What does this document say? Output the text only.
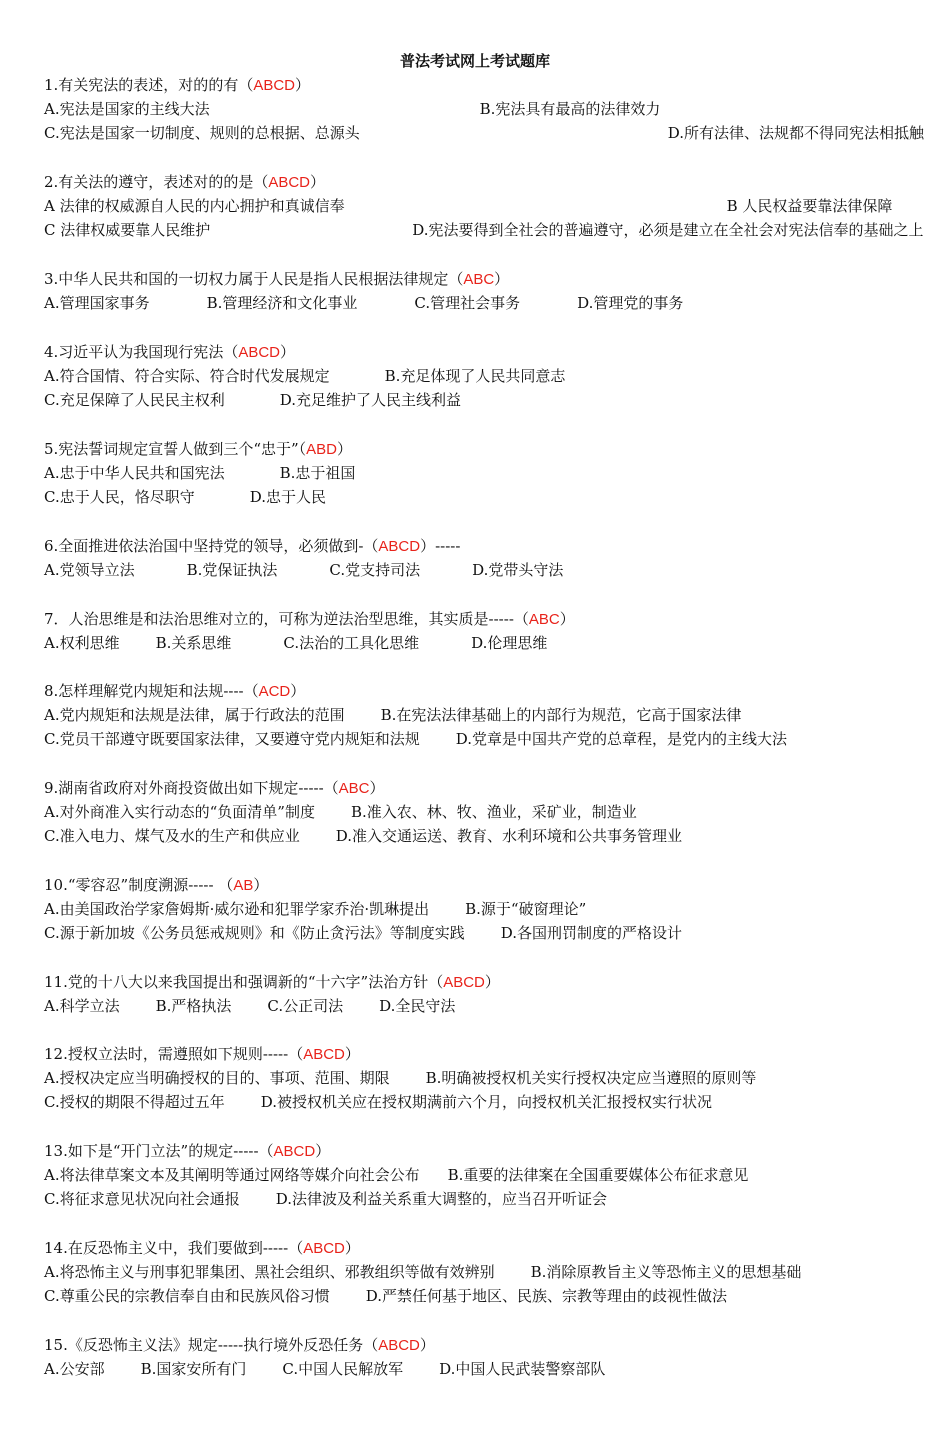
普法考试网上考试题库
1.有关宪法的表述，对的的有（ABCD）
A.宪法是国家的主线大法	B.宪法具有最高的法律效力
C.宪法是国家一切制度、规则的总根据、总源头	D.所有法律、法规都不得同宪法相抵触
2.有关法的遵守，表述对的的是（ABCD）
A 法律的权威源自人民的内心拥护和真诚信奉	B 人民权益要靠法律保障
C 法律权威要靠人民维护	D.宪法要得到全社会的普遍遵守，必须是建立在全社会对宪法信奉的基础之上
3.中华人民共和国的一切权力属于人民是指人民根据法律规定（ABC）
A.管理国家事务	B.管理经济和文化事业	C.管理社会事务	D.管理党的事务
4.习近平认为我国现行宪法（ABCD）
A.符合国情、符合实际、符合时代发展规定	B.充足体现了人民共同意志
C.充足保障了人民民主权利	D.充足维护了人民主线利益
5.宪法誓词规定宣誓人做到三个“忠于”（ABD）
A.忠于中华人民共和国宪法	B.忠于祖国
C.忠于人民，恪尽职守	D.忠于人民
6.全面推进依法治国中坚持党的领导，必须做到-（ABCD）-----
A.党领导立法	B.党保证执法	C.党支持司法	D.党带头守法
7．人治思维是和法治思维对立的，可称为逆法治型思维，其实质是-----（ABC）
A.权利思维 B.关系思维	C.法治的工具化思维	D.伦理思维
8.怎样理解党内规矩和法规----（ACD）
A.党内规矩和法规是法律，属于行政法的范围 B.在宪法法律基础上的内部行为规范，它高于国家法律
C.党员干部遵守既要国家法律，又要遵守党内规矩和法规 D.党章是中国共产党的总章程，是党内的主线大法
9.湖南省政府对外商投资做出如下规定-----（ABC）
A.对外商准入实行动态的“负面清单”制度 B.准入农、林、牧、渔业，采矿业，制造业
C.准入电力、煤气及水的生产和供应业 D.准入交通运送、教育、水利环境和公共事务管理业
10.“零容忍”制度溯源----- （AB）
A.由美国政治学家詹姆斯·威尔逊和犯罪学家乔治·凯琳提出 B.源于“破窗理论”
C.源于新加坡《公务员惩戒规则》和《防止贪污法》等制度实践 D.各国刑罚制度的严格设计
11.党的十八大以来我国提出和强调新的“十六字”法治方针（ABCD）
A.科学立法 B.严格执法 C.公正司法 D.全民守法
12.授权立法时，需遵照如下规则-----（ABCD）
A.授权决定应当明确授权的目的、事项、范围、期限 B.明确被授权机关实行授权决定应当遵照的原则等
C.授权的期限不得超过五年 D.被授权机关应在授权期满前六个月，向授权机关汇报授权实行状况
13.如下是“开门立法”的规定-----（ABCD）
A.将法律草案文本及其阐明等通过网络等媒介向社会公布 B.重要的法律案在全国重要媒体公布征求意见
C.将征求意见状况向社会通报 D.法律波及利益关系重大调整的，应当召开听证会
14.在反恐怖主义中，我们要做到-----（ABCD）
A.将恐怖主义与刑事犯罪集团、黑社会组织、邪教组织等做有效辨别 B.消除原教旨主义等恐怖主义的思想基础
C.尊重公民的宗教信奉自由和民族风俗习惯 D.严禁任何基于地区、民族、宗教等理由的歧视性做法
15.《反恐怖主义法》规定-----执行境外反恐任务（ABCD）
A.公安部 B.国家安所有门 C.中国人民解放军 D.中国人民武装警察部队
